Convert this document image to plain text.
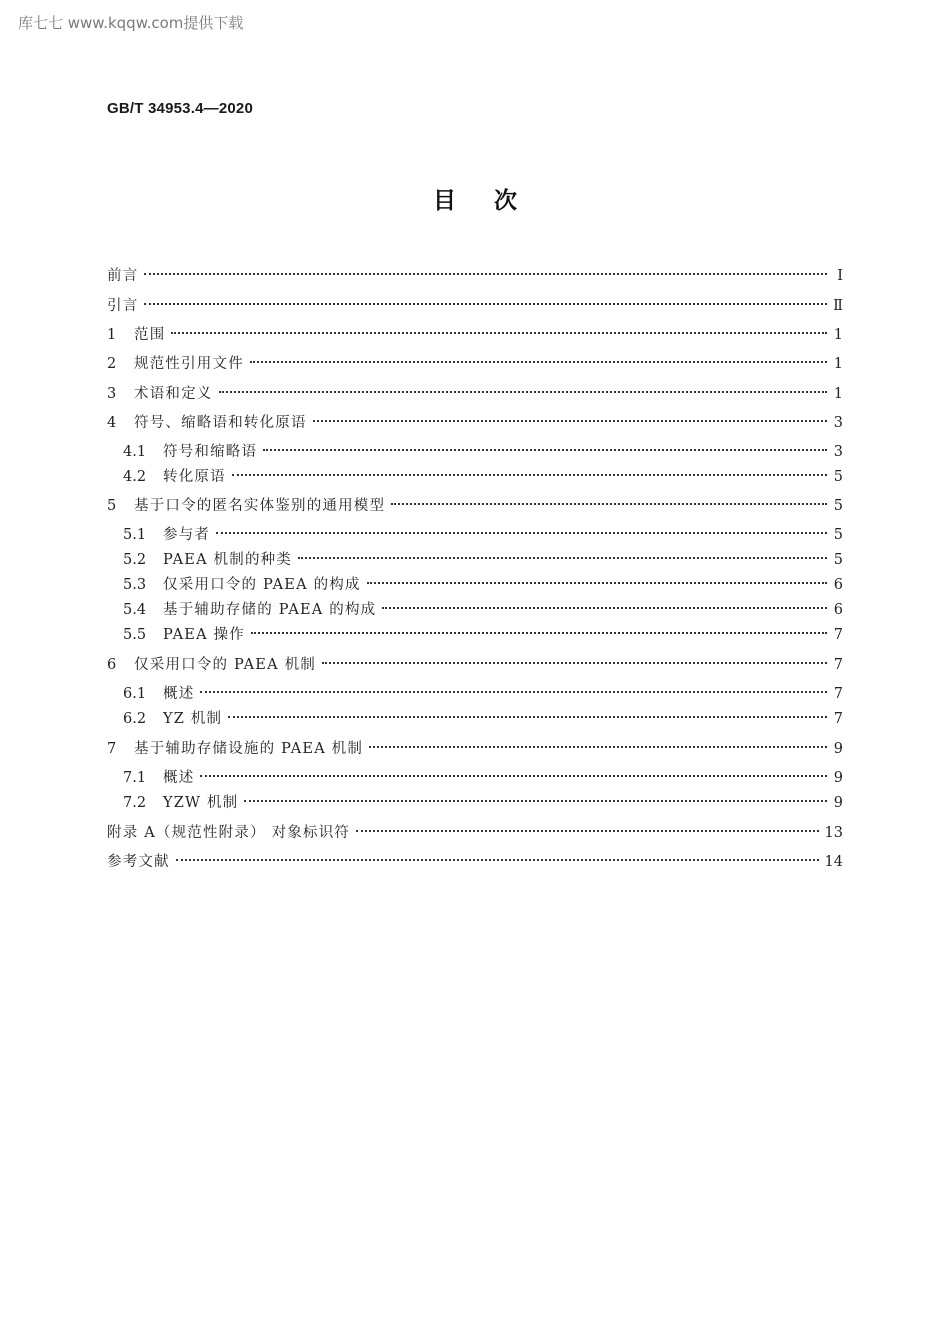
库七七 www.kqqw.com提供下载
GB/T 34953.4—2020
目次
前言	Ⅰ
引言	Ⅱ
1	范围	1
2	规范性引用文件	1
3	术语和定义	1
4	符号、缩略语和转化原语	3
4.1	符号和缩略语	3
4.2	转化原语	5
5	基于口令的匿名实体鉴别的通用模型	5
5.1	参与者	5
5.2	PAEA 机制的种类	5
5.3	仅采用口令的 PAEA 的构成	6
5.4	基于辅助存储的 PAEA 的构成	6
5.5	PAEA 操作	7
6	仅采用口令的 PAEA 机制	7
6.1	概述	7
6.2	YZ 机制	7
7	基于辅助存储设施的 PAEA 机制	9
7.1	概述	9
7.2	YZW 机制	9
附录 A（规范性附录） 对象标识符	13
参考文献	14
